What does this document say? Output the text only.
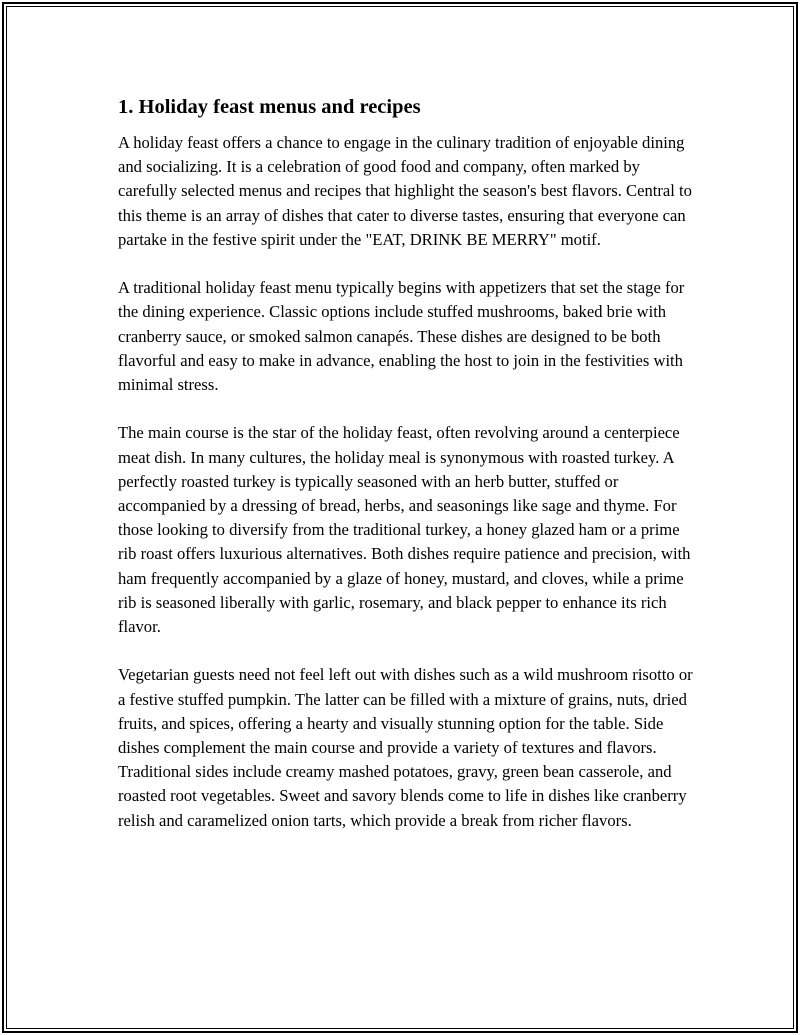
1. Holiday feast menus and recipes

A holiday feast offers a chance to engage in the culinary tradition of enjoyable dining and socializing. It is a celebration of good food and company, often marked by carefully selected menus and recipes that highlight the season's best flavors. Central to this theme is an array of dishes that cater to diverse tastes, ensuring that everyone can partake in the festive spirit under the "EAT, DRINK BE MERRY" motif.

A traditional holiday feast menu typically begins with appetizers that set the stage for the dining experience. Classic options include stuffed mushrooms, baked brie with cranberry sauce, or smoked salmon canapés. These dishes are designed to be both flavorful and easy to make in advance, enabling the host to join in the festivities with minimal stress.

The main course is the star of the holiday feast, often revolving around a centerpiece meat dish. In many cultures, the holiday meal is synonymous with roasted turkey. A perfectly roasted turkey is typically seasoned with an herb butter, stuffed or accompanied by a dressing of bread, herbs, and seasonings like sage and thyme. For those looking to diversify from the traditional turkey, a honey glazed ham or a prime rib roast offers luxurious alternatives. Both dishes require patience and precision, with ham frequently accompanied by a glaze of honey, mustard, and cloves, while a prime rib is seasoned liberally with garlic, rosemary, and black pepper to enhance its rich flavor.

Vegetarian guests need not feel left out with dishes such as a wild mushroom risotto or a festive stuffed pumpkin. The latter can be filled with a mixture of grains, nuts, dried fruits, and spices, offering a hearty and visually stunning option for the table. Side dishes complement the main course and provide a variety of textures and flavors. Traditional sides include creamy mashed potatoes, gravy, green bean casserole, and roasted root vegetables. Sweet and savory blends come to life in dishes like cranberry relish and caramelized onion tarts, which provide a break from richer flavors.
